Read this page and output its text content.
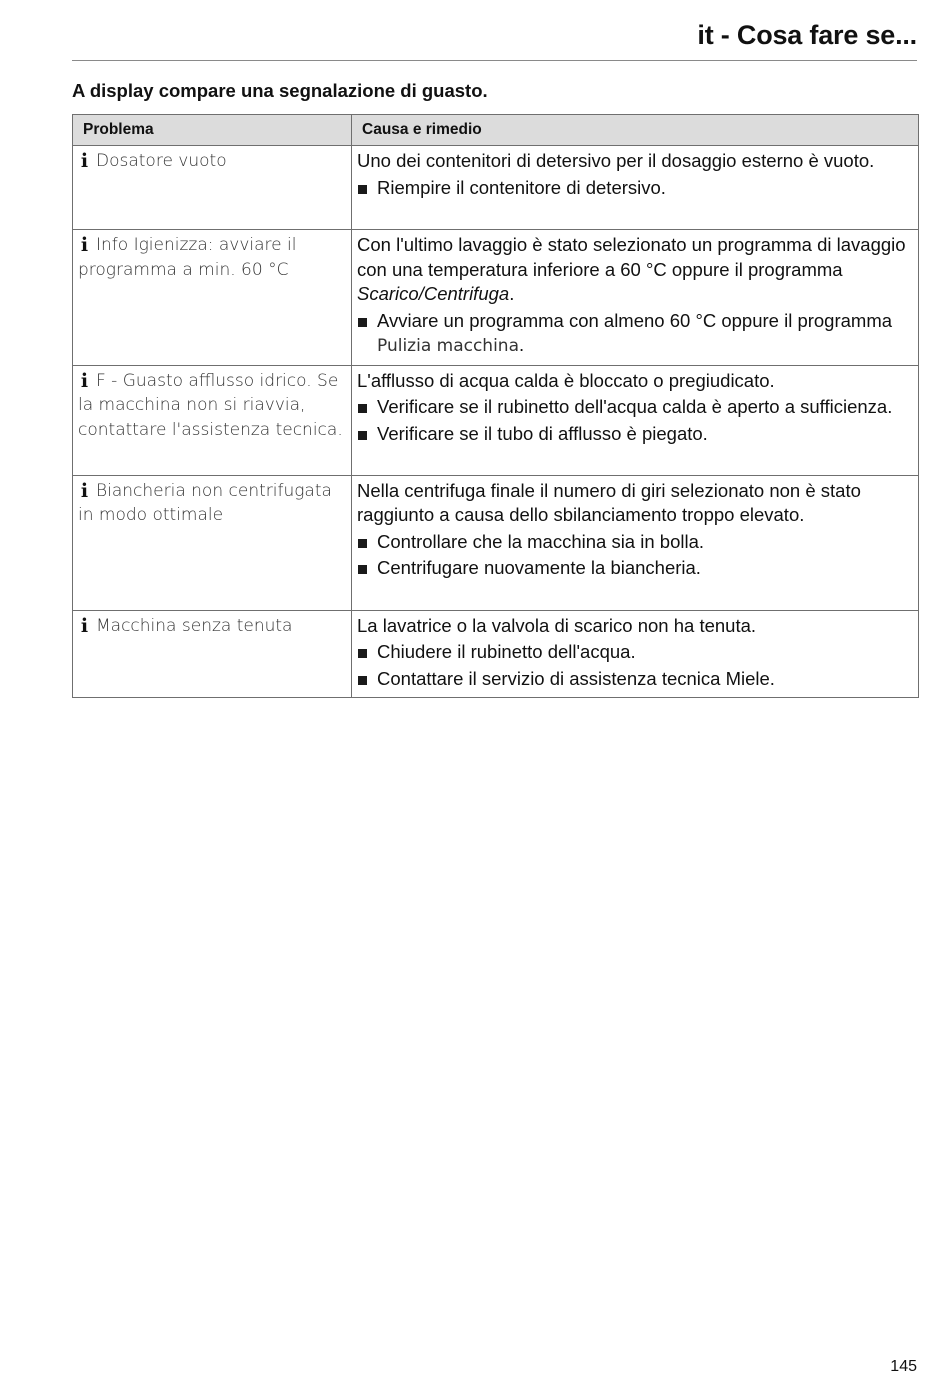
it - Cosa fare se...
A display compare una segnalazione di guasto.
Problema	Causa e rimedio
i Dosatore vuoto	Uno dei contenitori di detersivo per il dosaggio esterno è vuoto.
Riempire il contenitore di detersivo.

i Info Igienizza: avviare il programma a min. 60 °C	Con l'ultimo lavaggio è stato selezionato un programma di lavaggio con una temperatura inferiore a 60 °C oppure il programma Scarico/Centrifuga.
Avviare un programma con almeno 60 °C oppure il programma Pulizia macchina.

i F - Guasto afflusso idrico. Se la macchina non si riavvia, contattare l'assistenza tecnica.	L'afflusso di acqua calda è bloccato o pregiudicato.
Verificare se il rubinetto dell'acqua calda è aperto a sufficienza.
Verificare se il tubo di afflusso è piegato.

i Biancheria non centrifugata in modo ottimale	Nella centrifuga finale il numero di giri selezionato non è stato raggiunto a causa dello sbilanciamento troppo elevato.
Controllare che la macchina sia in bolla.
Centrifugare nuovamente la biancheria.

i Macchina senza tenuta	La lavatrice o la valvola di scarico non ha tenuta.
Chiudere il rubinetto dell'acqua.
Contattare il servizio di assistenza tecnica Miele.
145
